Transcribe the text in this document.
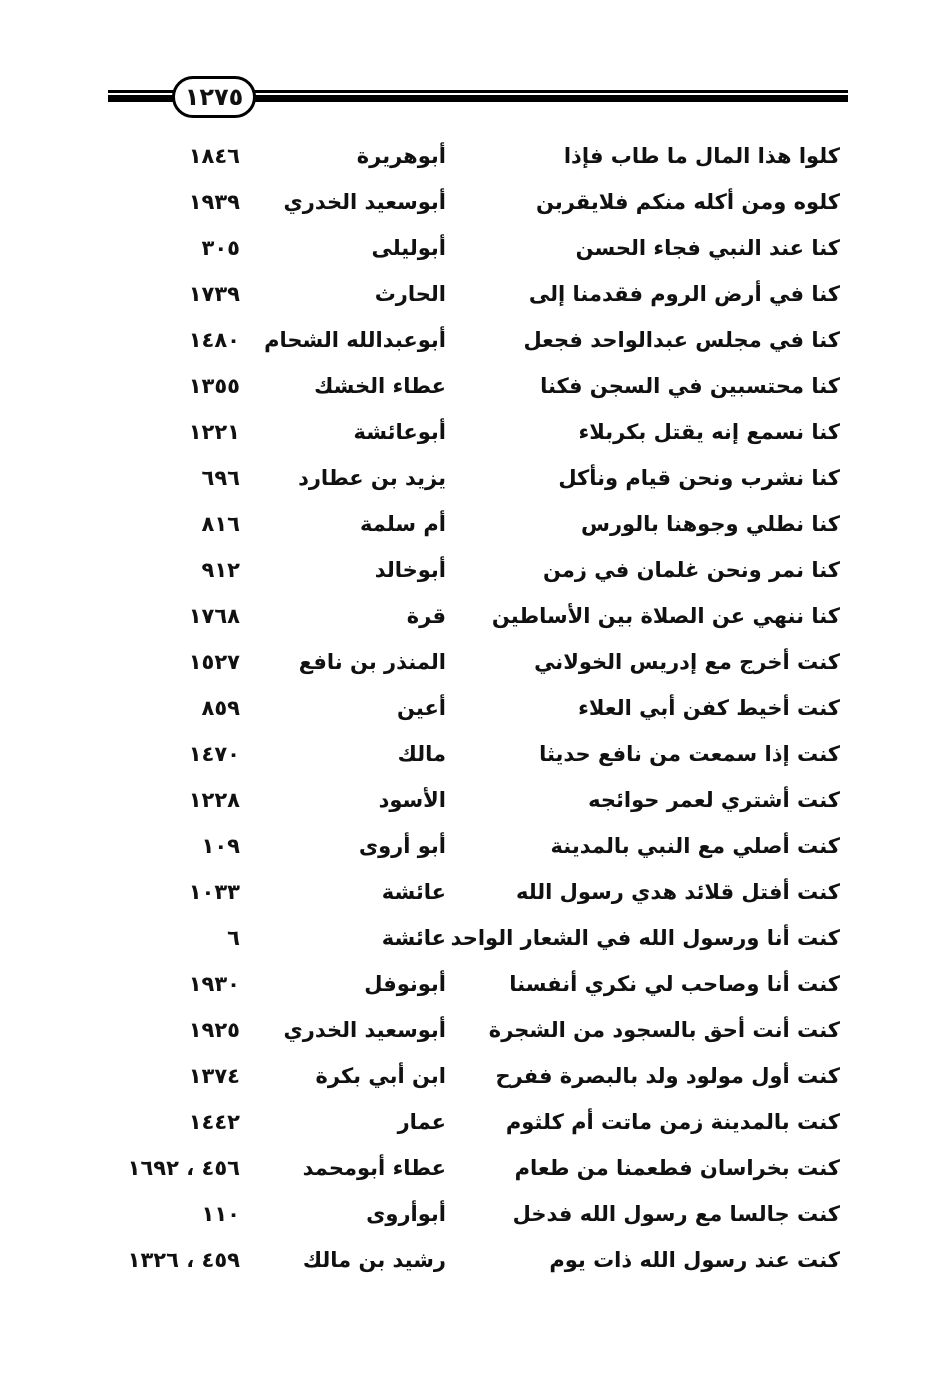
١٢٧٥
كلوا هذا المال ما طاب فإذا
أبوهريرة
١٨٤٦
كلوه ومن أكله منكم فلايقربن
أبوسعيد الخدري
١٩٣٩
كنا عند النبي فجاء الحسن
أبوليلى
٣٠٥
كنا في أرض الروم فقدمنا إلى
الحارث
١٧٣٩
كنا في مجلس عبدالواحد فجعل
أبوعبدالله الشحام
١٤٨٠
كنا محتسبين في السجن فكنا
عطاء الخشك
١٣٥٥
كنا نسمع إنه يقتل بكربلاء
أبوعائشة
١٢٢١
كنا نشرب ونحن قيام ونأكل
يزيد بن عطارد
٦٩٦
كنا نطلي وجوهنا بالورس
أم سلمة
٨١٦
كنا نمر ونحن غلمان في زمن
أبوخالد
٩١٢
كنا ننهي عن الصلاة بين الأساطين
قرة
١٧٦٨
كنت أخرج مع إدريس الخولاني
المنذر بن نافع
١٥٢٧
كنت أخيط كفن أبي العلاء
أعين
٨٥٩
كنت إذا سمعت من نافع حديثا
مالك
١٤٧٠
كنت أشتري لعمر حوائجه
الأسود
١٢٢٨
كنت أصلي مع النبي بالمدينة
أبو أروى
١٠٩
كنت أفتل قلائد هدي رسول الله
عائشة
١٠٣٣
كنت أنا ورسول الله في الشعار الواحد
عائشة
٦
كنت أنا وصاحب لي نكري أنفسنا
أبونوفل
١٩٣٠
كنت أنت أحق بالسجود من الشجرة
أبوسعيد الخدري
١٩٢٥
كنت أول مولود ولد بالبصرة ففرح
ابن أبي بكرة
١٣٧٤
كنت بالمدينة زمن ماتت أم كلثوم
عمار
١٤٤٢
كنت بخراسان فطعمنا من طعام
عطاء أبومحمد
٤٥٦ ، ١٦٩٢
كنت جالسا مع رسول الله فدخل
أبوأروى
١١٠
كنت عند رسول الله ذات يوم
رشيد بن مالك
٤٥٩ ، ١٣٢٦
